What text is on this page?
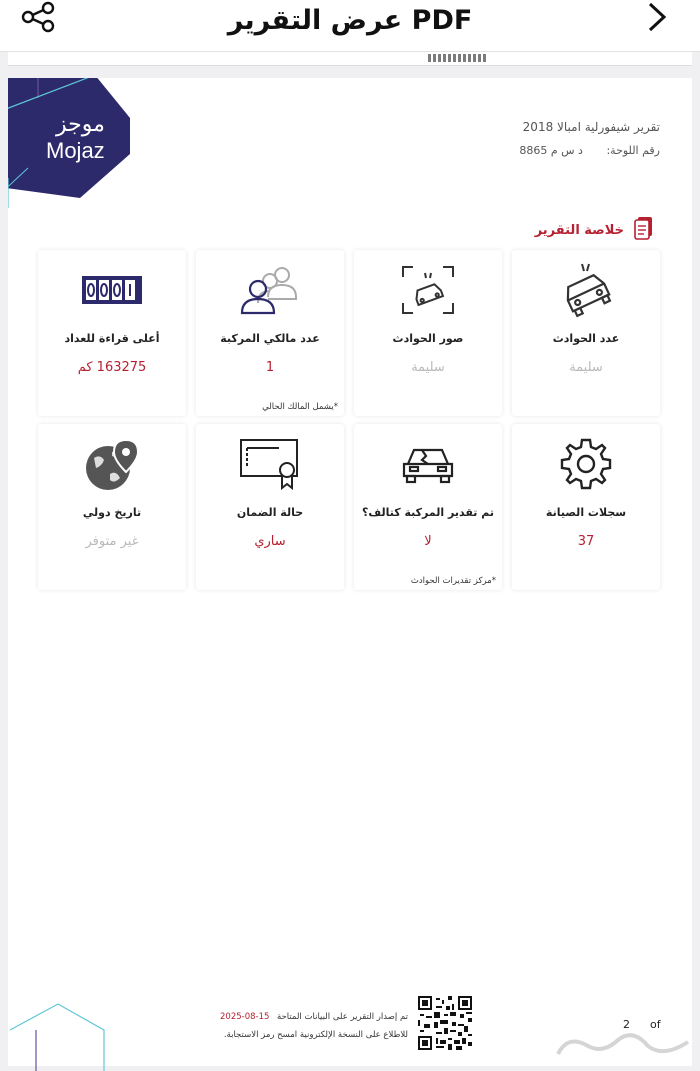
عرض التقرير PDF
موجز
Mojaz
تقرير شيفورلية امبالا 2018
رقم اللوحة: د س م 8865
خلاصة التقرير
عدد الحوادث
سليمة
صور الحوادث
سليمة
عدد مالكي المركبة
1
*يشمل المالك الحالي
أعلى قراءة للعداد
163275 كم
سجلات الصيانة
37
تم تقدير المركبة كتالف؟
لا
*مركز تقديرات الحوادث
حالة الضمان
ساري
تاريخ دولي
غير متوفر
تم إصدار التقرير على البيانات المتاحة
2025-08-15
للاطلاع على النسخة الإلكترونية امسح رمز الاستجابة.
2 of
